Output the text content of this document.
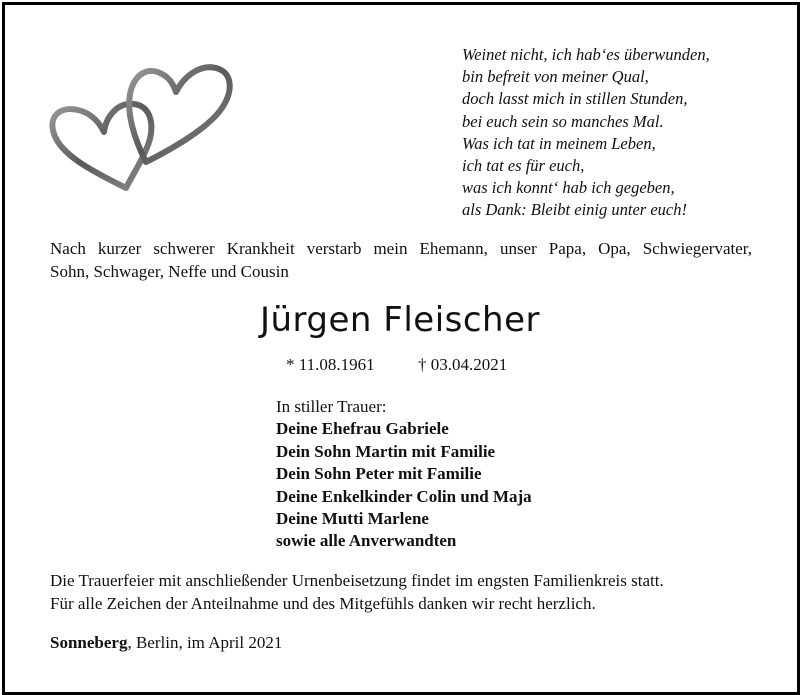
Weinet nicht, ich hab‘es überwunden,
bin befreit von meiner Qual,
doch lasst mich in stillen Stunden,
bei euch sein so manches Mal.
Was ich tat in meinem Leben,
ich tat es für euch,
was ich konnt‘ hab ich gegeben,
als Dank: Bleibt einig unter euch!
Nach kurzer schwerer Krankheit verstarb mein Ehemann, unser Papa, Opa, Schwiegervater,
Sohn, Schwager, Neffe und Cousin
Jürgen Fleischer
* 11.08.1961	† 03.04.2021
In stiller Trauer:
Deine Ehefrau Gabriele
Dein Sohn Martin mit Familie
Dein Sohn Peter mit Familie
Deine Enkelkinder Colin und Maja
Deine Mutti Marlene
sowie alle Anverwandten
Die Trauerfeier mit anschließender Urnenbeisetzung findet im engsten Familienkreis statt.
Für alle Zeichen der Anteilnahme und des Mitgefühls danken wir recht herzlich.
Sonneberg, Berlin, im April 2021
